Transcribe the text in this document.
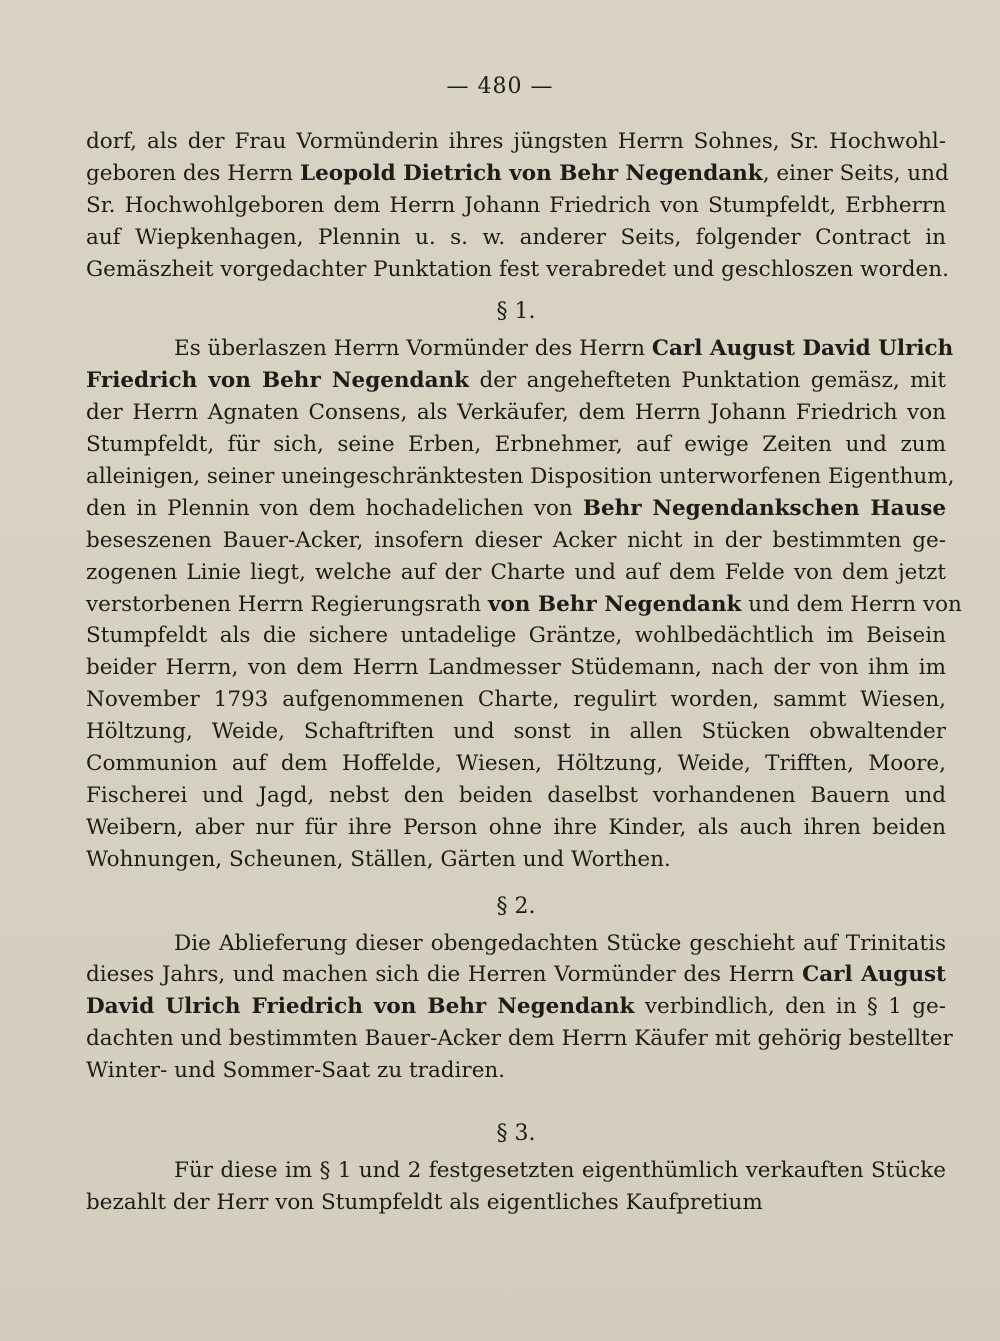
— 480 —
dorf, als der Frau Vormünderin ihres jüngsten Herrn Sohnes, Sr. Hochwohl-
geboren des Herrn Leopold Dietrich von Behr Negendank, einer Seits, und
Sr. Hochwohlgeboren dem Herrn Johann Friedrich von Stumpfeldt, Erbherrn
auf Wiepkenhagen, Plennin u. s. w. anderer Seits, folgender Contract in
Gemäszheit vorgedachter Punktation fest verabredet und geschloszen worden.
§ 1.
Es überlaszen Herrn Vormünder des Herrn Carl August David Ulrich
Friedrich von Behr Negendank der angehefteten Punktation gemäsz, mit
der Herrn Agnaten Consens, als Verkäufer, dem Herrn Johann Friedrich von
Stumpfeldt, für sich, seine Erben, Erbnehmer, auf ewige Zeiten und zum
alleinigen, seiner uneingeschränktesten Disposition unterworfenen Eigenthum,
den in Plennin von dem hochadelichen von Behr Negendankschen Hause
beseszenen Bauer-Acker, insofern dieser Acker nicht in der bestimmten ge-
zogenen Linie liegt, welche auf der Charte und auf dem Felde von dem jetzt
verstorbenen Herrn Regierungsrath von Behr Negendank und dem Herrn von
Stumpfeldt als die sichere untadelige Gräntze, wohlbedächtlich im Beisein
beider Herrn, von dem Herrn Landmesser Stüdemann, nach der von ihm im
November 1793 aufgenommenen Charte, regulirt worden, sammt Wiesen,
Höltzung, Weide, Schaftriften und sonst in allen Stücken obwaltender
Communion auf dem Hoffelde, Wiesen, Höltzung, Weide, Trifften, Moore,
Fischerei und Jagd, nebst den beiden daselbst vorhandenen Bauern und
Weibern, aber nur für ihre Person ohne ihre Kinder, als auch ihren beiden
Wohnungen, Scheunen, Ställen, Gärten und Worthen.
§ 2.
Die Ablieferung dieser obengedachten Stücke geschieht auf Trinitatis
dieses Jahrs, und machen sich die Herren Vormünder des Herrn Carl August
David Ulrich Friedrich von Behr Negendank verbindlich, den in § 1 ge-
dachten und bestimmten Bauer-Acker dem Herrn Käufer mit gehörig bestellter
Winter- und Sommer-Saat zu tradiren.
§ 3.
Für diese im § 1 und 2 festgesetzten eigenthümlich verkauften Stücke
bezahlt der Herr von Stumpfeldt als eigentliches Kaufpretium
